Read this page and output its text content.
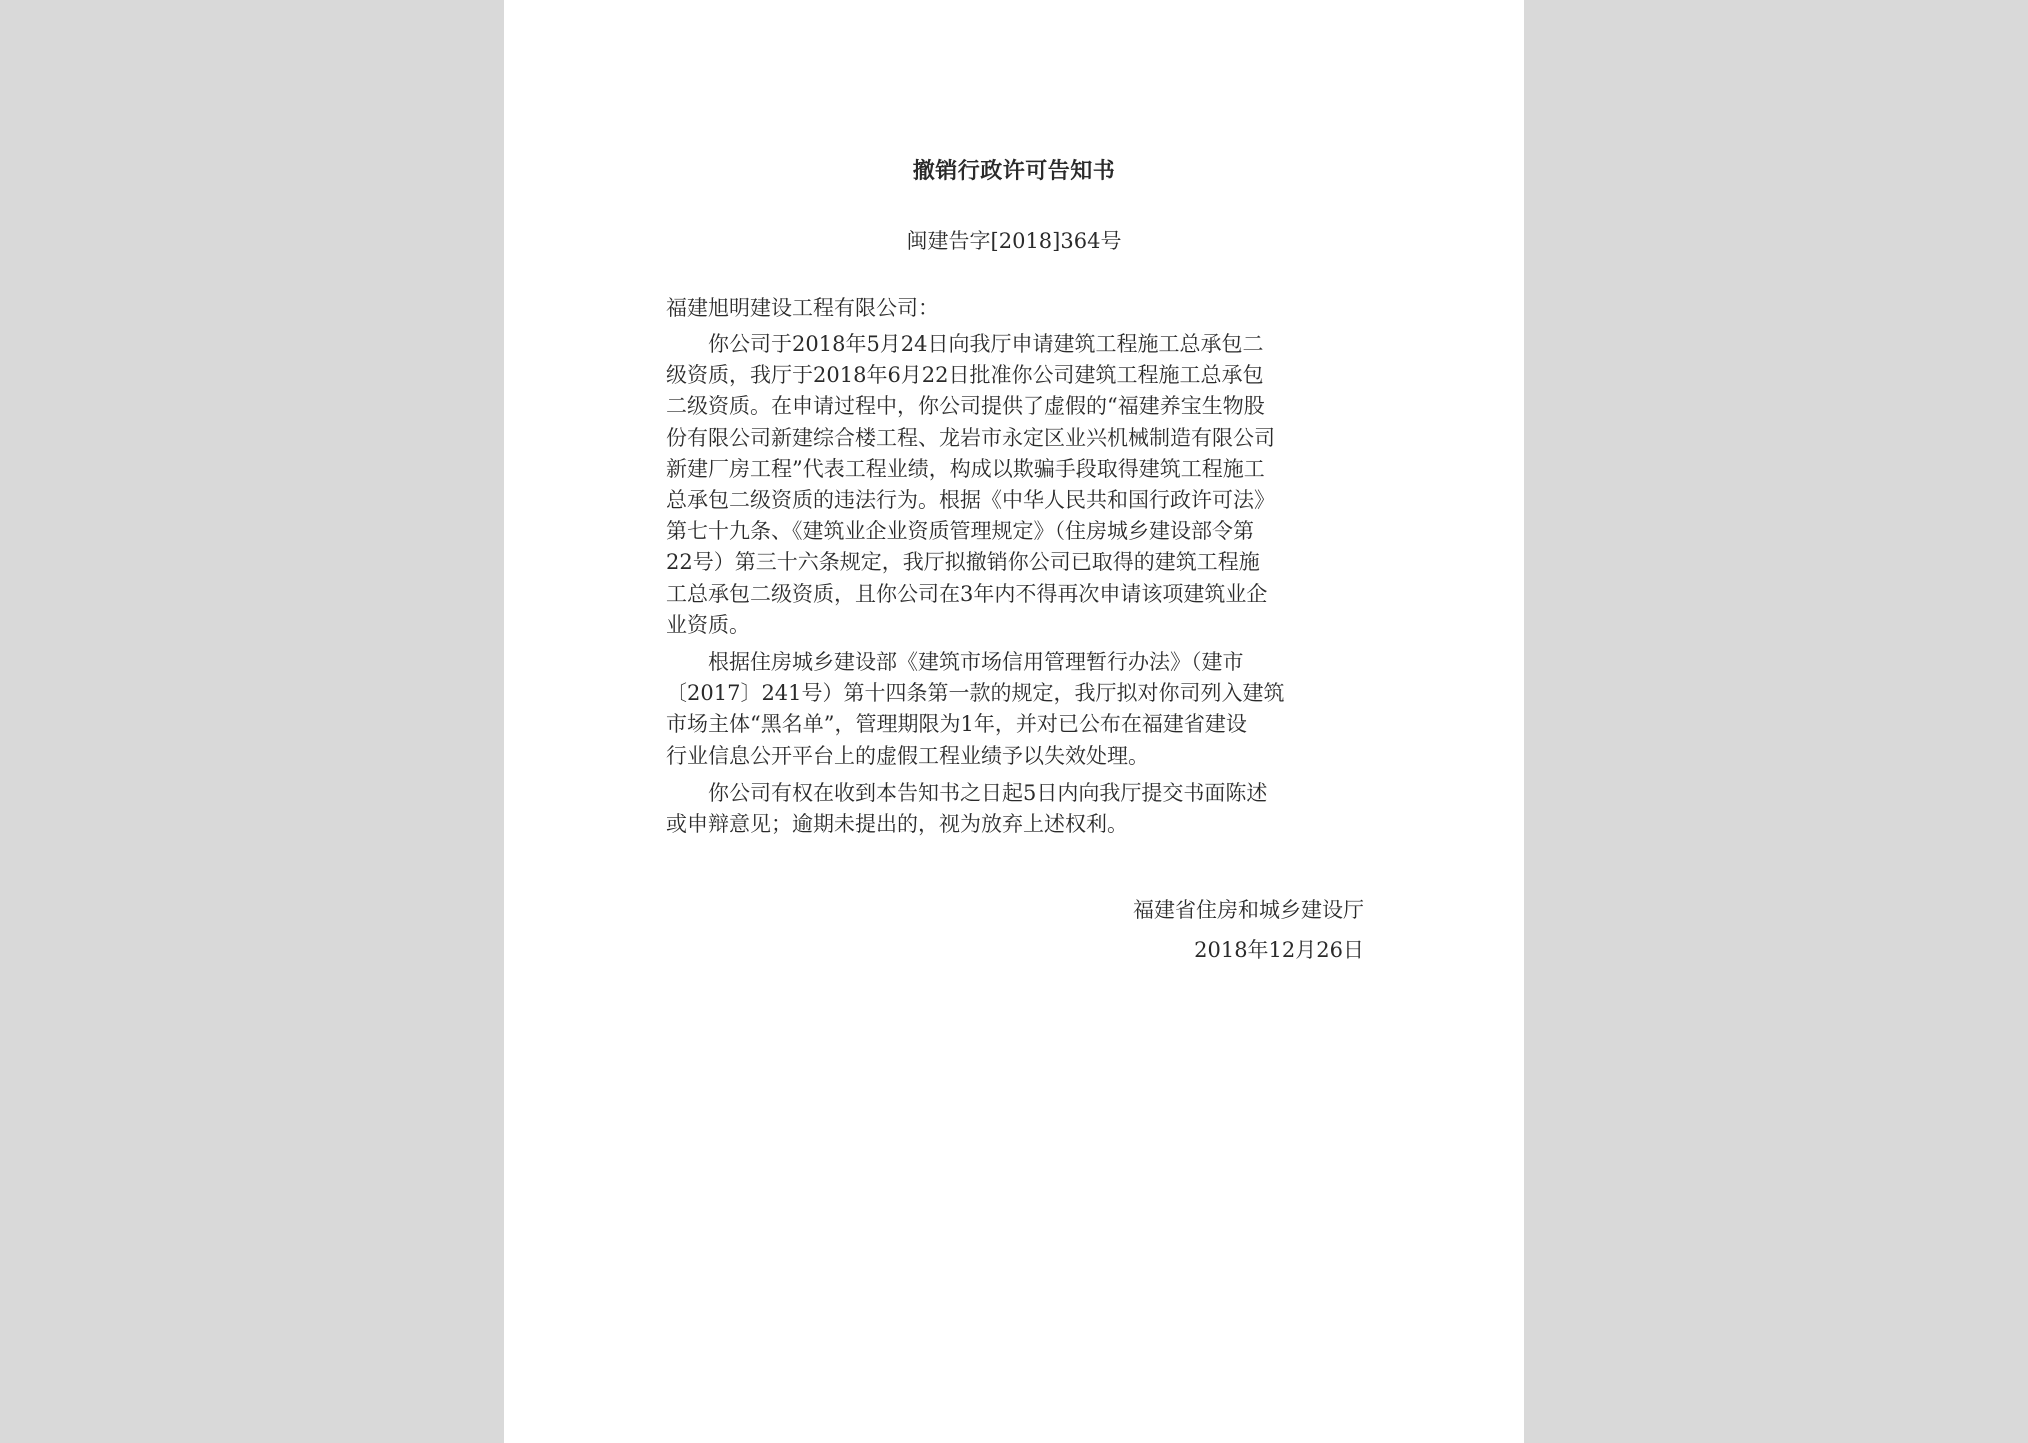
撤销行政许可告知书
闽建告字[2018]364号
福建旭明建设工程有限公司：

你公司于2018年5月24日向我厅申请建筑工程施工总承包二
级资质，我厅于2018年6月22日批准你公司建筑工程施工总承包
二级资质。在申请过程中，你公司提供了虚假的“福建养宝生物股
份有限公司新建综合楼工程、龙岩市永定区业兴机械制造有限公司
新建厂房工程”代表工程业绩，构成以欺骗手段取得建筑工程施工
总承包二级资质的违法行为。根据《中华人民共和国行政许可法》
第七十九条、《建筑业企业资质管理规定》（住房城乡建设部令第
22号）第三十六条规定，我厅拟撤销你公司已取得的建筑工程施
工总承包二级资质，且你公司在3年内不得再次申请该项建筑业企
业资质。

根据住房城乡建设部《建筑市场信用管理暂行办法》（建市
〔2017〕241号）第十四条第一款的规定，我厅拟对你司列入建筑
市场主体“黑名单”，管理期限为1年，并对已公布在福建省建设
行业信息公开平台上的虚假工程业绩予以失效处理。

你公司有权在收到本告知书之日起5日内向我厅提交书面陈述
或申辩意见；逾期未提出的，视为放弃上述权利。

福建省住房和城乡建设厅
2018年12月26日
